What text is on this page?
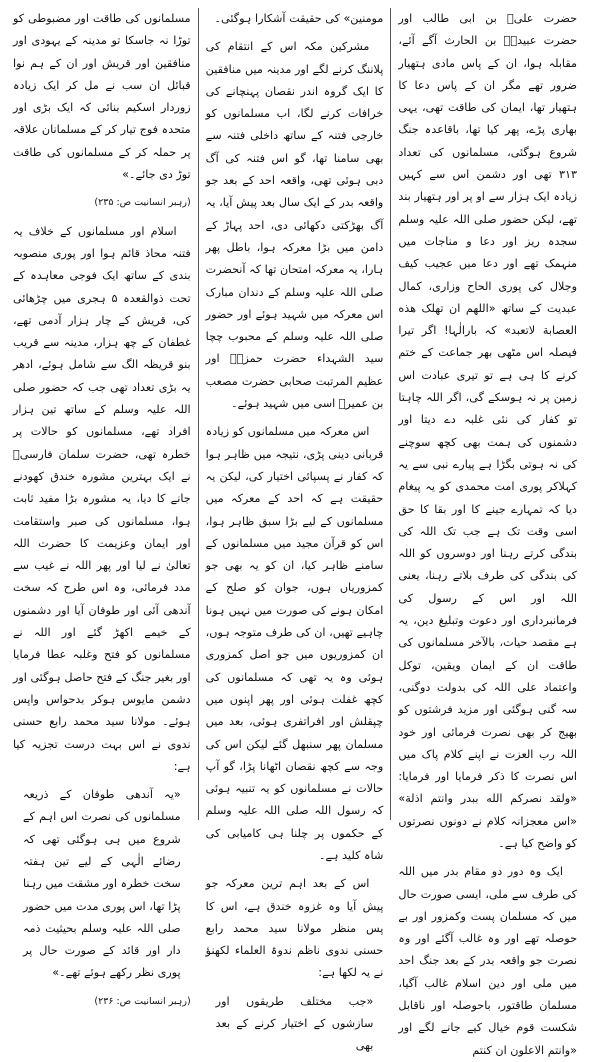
حضرت علیؓ بن ابی طالب اور حضرت عبیدہؓ بن الحارث آگے آئے، مقابلہ ہوا، ان کے پاس مادی ہتھیار ضرور تھے مگر ان کے پاس دعا کا ہتھیار تھا، ایمان کی طاقت تھی، یہی بھاری پڑے، پھر کیا تھا، باقاعدہ جنگ شروع ہوگئی، مسلمانوں کی تعداد ۳۱۳ تھی اور دشمن اس سے کہیں زیادہ ایک ہزار سے او پر اور ہتھیار بند تھے، لیکن حضور صلی اللہ علیہ وسلم سجدہ ریز اور دعا و مناجات میں منہمک تھے اور دعا میں عجیب کیف وجلال کی پوری الحاح وزاری، کمال عبدیت کے ساتھ «اللهم ان تهلک هذه العصابة لاتعبد» کہ بارالٰہا! اگر تیرا فیصلہ اس مٹھی بھر جماعت کے ختم کرنے کا ہی ہے تو تیری عبادت اس زمین پر نہ ہوسکے گی، اگر اللہ چاہتا تو کفار کی نئی غلبہ دے دیتا اور دشمنوں کی ہمت بھی کچھ سوچنے کی نہ ہوتی بگڑا ہے پیارے نبی سے یہ کہلاکر پوری امت محمدی کو یہ پیغام دیا کہ تمہارے جینے کا اور بقا کا حق اسی وقت تک ہے جب تک اللہ کی بندگی کرتے رہنا اور دوسروں کو اللہ کی بندگی کی طرف بلاتے رہنا، یعنی اللہ اور اس کے رسول کی فرمانبرداری اور دعوت وتبلیغ دین، یہ ہے مقصد حیات، بالآخر مسلمانوں کی طاقت ان کے ایمان ویقین، توکل واعتماد علی اللہ کی بدولت دوگنی، سہ گنی ہوگئی اور مزید فرشتوں کو بھیج کر بھی نصرت فرمائی اور خود اللہ رب العزت نے اپنے کلام پاک میں اس نصرت کا ذکر فرمایا اور فرمایا: «ولقد نصركم الله ببدر وانتم اذلة» «اس معجزانہ کلام نے دونوں نصرتوں کو واضح کیا ہے۔

ایک وہ دور دو مقام بدر میں اللہ کی طرف سے ملی، ایسی صورت حال میں کہ مسلمان پست وکمزور اور بے حوصلہ تھے اور وہ غالب آگئے اور وہ نصرت جو واقعہ بدر کے بعد جنگ احد میں ملی اور دین اسلام غالب آگیا، مسلمان طاقتور، باحوصلہ اور ناقابل شکست قوم خیال کیے جانے لگے اور «وانتم الاعلون ان كنتم

مومنین» کی حقیقت آشکارا ہوگئی۔

مشرکین مکہ اس کے انتقام کی پلاننگ کرنے لگے اور مدینہ میں منافقین کا ایک گروہ اندر نقصان پہنچانے کی خرافات کرنے لگا، اب مسلمانوں کو خارجی فتنہ کے ساتھ داخلی فتنہ سے بھی سامنا تھا، گو اس فتنہ کی آگ دبی ہوئی تھی، واقعہ احد کے بعد جو واقعہ بدر کے ایک سال بعد پیش آیا، یہ آگ بھڑکتی دکھائی دی، احد پہاڑ کے دامن میں بڑا معرکہ ہوا، باطل پھر ہارا، یہ معرکہ امتحان تھا کہ آنحضرت صلی اللہ علیہ وسلم کے دندان مبارک اس معرکہ میں شہید ہوئے اور حضور صلی اللہ علیہ وسلم کے محبوب چچا سید الشہداء حضرت حمزہؓ اور عظیم المرتبت صحابی حضرت مصعب بن عمیرؓ اسی میں شہید ہوئے۔

اس معرکہ میں مسلمانوں کو زیادہ قربانی دینی پڑی، نتیجہ میں ظاہر ہوا کہ کفار نے پسپائی اختیار کی، لیکن یہ حقیقت ہے کہ احد کے معرکہ میں مسلمانوں کے لیے بڑا سبق ظاہر ہوا، اس کو قرآن مجید میں مسلمانوں کے سامنے ظاہر کیا، ان کو یہ بھی جو کمزوریاں ہوں، جوان کو صلح کے امکان ہونے کی صورت میں نہیں ہونا چاہیے تھیں، ان کی طرف متوجہ ہوں، ان کمزوریوں میں جو اصل کمزوری ہوئی وہ یہ تھی کہ مسلمانوں کی کچھ غفلت ہوئی اور پھر اپنوں میں چپقلش اور افراتفری ہوئی، بعد میں مسلمان پھر سنبھل گئے لیکن اس کی وجہ سے کچھ نقصان اٹھانا پڑا، گو آپ حالات نے مسلمانوں کو یہ تنبیہ ہوئی کہ رسول اللہ صلی اللہ علیہ وسلم کے حکموں پر چلنا ہی کامیابی کی شاہ کلید ہے۔

اس کے بعد اہم ترین معرکہ جو پیش آیا وہ غزوہ خندق ہے، اس کا پس منظر مولانا سید محمد رابع حسنی ندوی ناظم ندوۃ العلماء لکھنؤ نے یہ لکھا ہے:

«جب مختلف طریقوں اور سازشوں کے اختیار کرنے کے بعد بھی

مسلمانوں کی طاقت اور مضبوطی کو توڑا نہ جاسکا تو مدینہ کے یہودی اور منافقین اور قریش اور ان کے ہم نوا قبائل ان سب نے مل کر ایک زیادہ زوردار اسکیم بنائی کہ ایک بڑی اور متحدہ فوج تیار کر کے مسلمانان علاقہ پر حملہ کر کے مسلمانوں کی طاقت توڑ دی جائے۔»

(رہبر انسانیت ص: ۲۳۵)

اسلام اور مسلمانوں کے خلاف یہ فتنہ محاذ قائم ہوا اور پوری منصوبہ بندی کے ساتھ ایک فوجی معاہدہ کے تحت ذوالقعدہ ۵ ہجری میں چڑھائی کی، قریش کے چار ہزار آدمی تھے، غطفان کے چھ ہزار، مدینہ سے قریب بنو قریظہ الگ سے شامل ہوئے، ادھر یہ بڑی تعداد تھی جب کہ حضور صلی اللہ علیہ وسلم کے ساتھ تین ہزار افراد تھے، مسلمانوں کو حالات پر خطرہ تھی، حضرت سلمان فارسیؓ نے ایک بہترین مشورہ خندق کھودنے جانے کا دیا، یہ مشورہ بڑا مفید ثابت ہوا، مسلمانوں کی صبر واستقامت اور ایمان وعزیمت کا حضرت اللہ تعالیٰ نے لیا اور پھر اللہ نے غیب سے مدد فرمائی، وہ اس طرح کہ سخت آندھی آئی اور طوفان آیا اور دشمنوں کے خیمے اکھڑ گئے اور اللہ نے مسلمانوں کو فتح وغلبہ عطا فرمایا اور بغیر جنگ کے فتح حاصل ہوگئی اور دشمن مایوس ہوکر بدحواس واپس ہوئے۔ مولانا سید محمد رابع حسنی ندوی نے اس بہت درست تجزیہ کیا ہے:

«یہ آندھی طوفان کے ذریعہ مسلمانوں کی نصرت اس اہم کے شروع میں ہی ہوگئی تھی کہ رضائے الٰہی کے لیے تین ہفتہ سخت خطرہ اور مشقت میں رہنا پڑا تھا، اس پوری مدت میں حضور صلی اللہ علیہ وسلم بحیثیت ذمہ دار اور قائد کے صورت حال پر پوری نظر رکھے ہوئے تھے۔»

(رہبر انسانیت ص: ۲۳۶)
